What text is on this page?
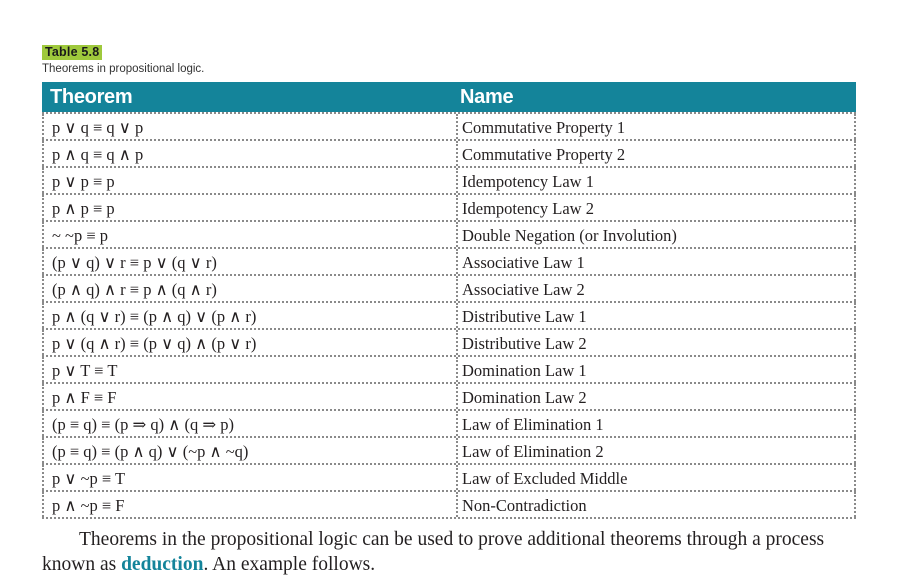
Table 5.8
Theorems in propositional logic.
Theorem	Name
p ∨ q ≡ q ∨ p	Commutative Property 1
p ∧ q ≡ q ∧ p	Commutative Property 2
p ∨ p ≡ p	Idempotency Law 1
p ∧ p ≡ p	Idempotency Law 2
~ ~p ≡ p	Double Negation (or Involution)
(p ∨ q) ∨ r ≡ p ∨ (q ∨ r)	Associative Law 1
(p ∧ q) ∧ r ≡ p ∧ (q ∧ r)	Associative Law 2
p ∧ (q ∨ r) ≡ (p ∧ q) ∨ (p ∧ r)	Distributive Law 1
p ∨ (q ∧ r) ≡ (p ∨ q) ∧ (p ∨ r)	Distributive Law 2
p ∨ T ≡ T	Domination Law 1
p ∧ F ≡ F	Domination Law 2
(p ≡ q) ≡ (p ⇒ q) ∧ (q ⇒ p)	Law of Elimination 1
(p ≡ q) ≡ (p ∧ q) ∨ (~p ∧ ~q)	Law of Elimination 2
p ∨ ~p ≡ T	Law of Excluded Middle
p ∧ ~p ≡ F	Non-Contradiction
Theorems in the propositional logic can be used to prove additional theorems through a process known as deduction. An example follows.
